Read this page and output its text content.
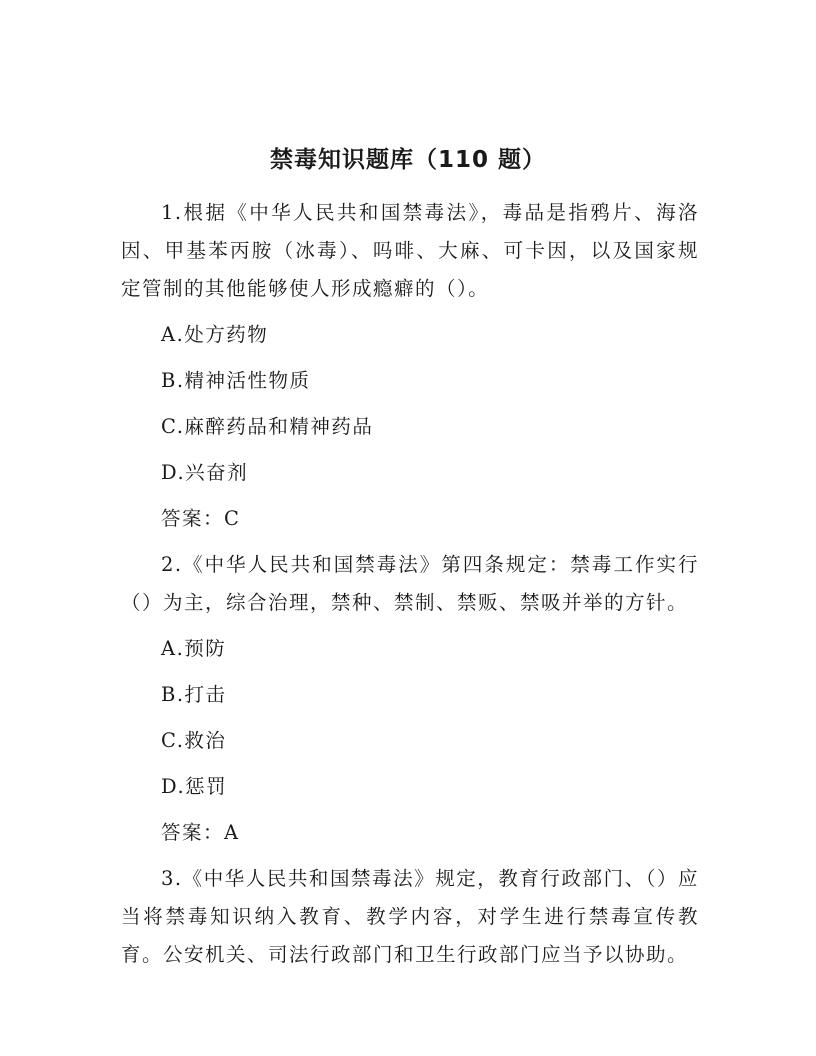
禁毒知识题库（110 题）

1.根据《中华人民共和国禁毒法》，毒品是指鸦片、海洛因、甲基苯丙胺（冰毒）、吗啡、大麻、可卡因，以及国家规定管制的其他能够使人形成瘾癖的（）。

A.处方药物

B.精神活性物质

C.麻醉药品和精神药品

D.兴奋剂

答案：C

2.《中华人民共和国禁毒法》第四条规定：禁毒工作实行（）为主，综合治理，禁种、禁制、禁贩、禁吸并举的方针。

A.预防

B.打击

C.救治

D.惩罚

答案：A

3.《中华人民共和国禁毒法》规定，教育行政部门、（）应当将禁毒知识纳入教育、教学内容，对学生进行禁毒宣传教育。公安机关、司法行政部门和卫生行政部门应当予以协助。
